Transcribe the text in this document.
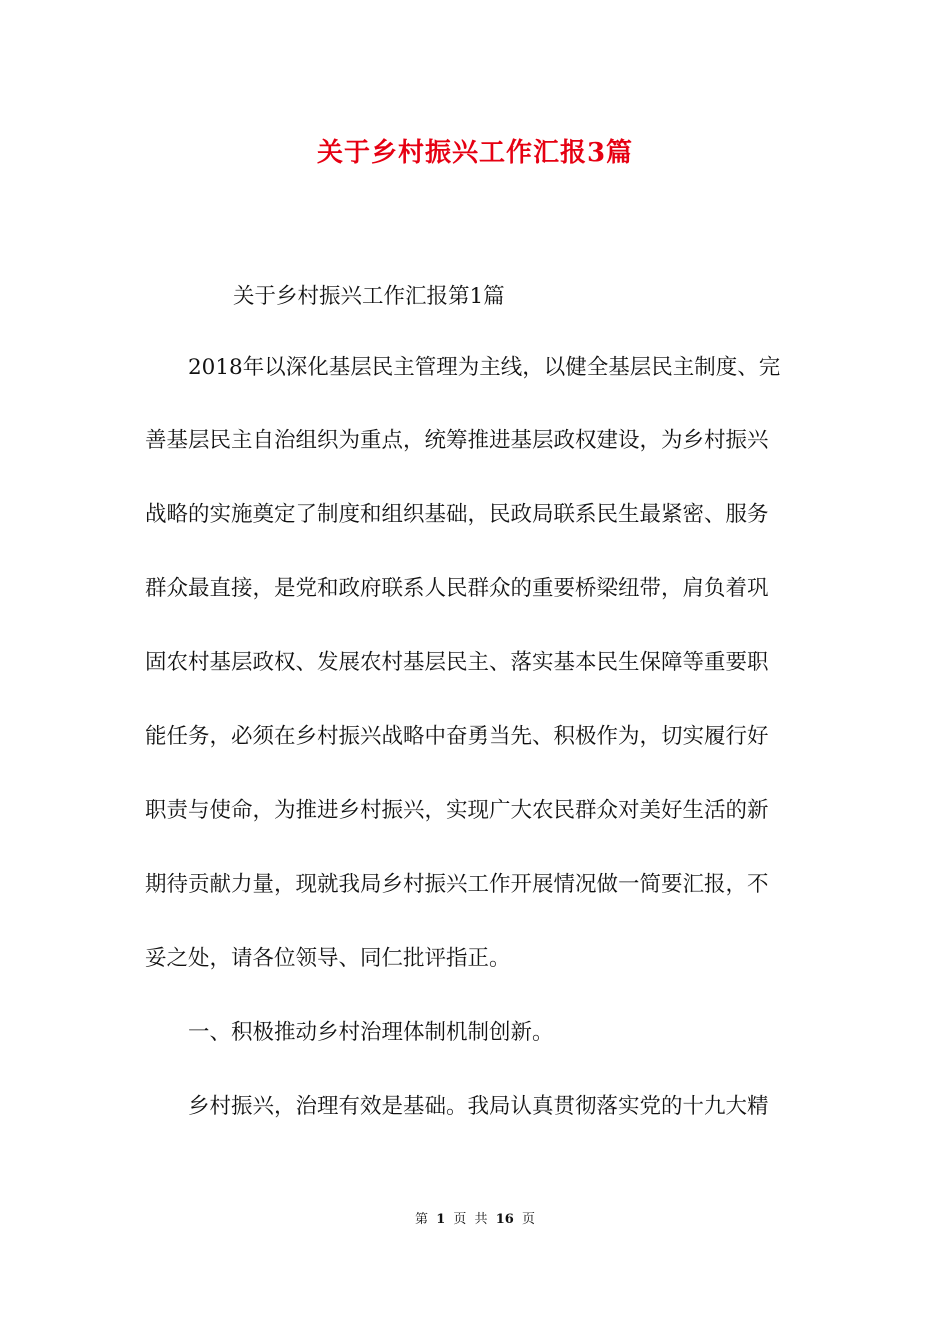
关于乡村振兴工作汇报3篇

关于乡村振兴工作汇报第1篇

2018年以深化基层民主管理为主线，以健全基层民主制度、完

善基层民主自治组织为重点，统筹推进基层政权建设，为乡村振兴

战略的实施奠定了制度和组织基础，民政局联系民生最紧密、服务

群众最直接，是党和政府联系人民群众的重要桥梁纽带，肩负着巩

固农村基层政权、发展农村基层民主、落实基本民生保障等重要职

能任务，必须在乡村振兴战略中奋勇当先、积极作为，切实履行好

职责与使命，为推进乡村振兴，实现广大农民群众对美好生活的新

期待贡献力量，现就我局乡村振兴工作开展情况做一简要汇报，不

妥之处，请各位领导、同仁批评指正。

一、积极推动乡村治理体制机制创新。

乡村振兴，治理有效是基础。我局认真贯彻落实党的十九大精

第 1 页 共 16 页
